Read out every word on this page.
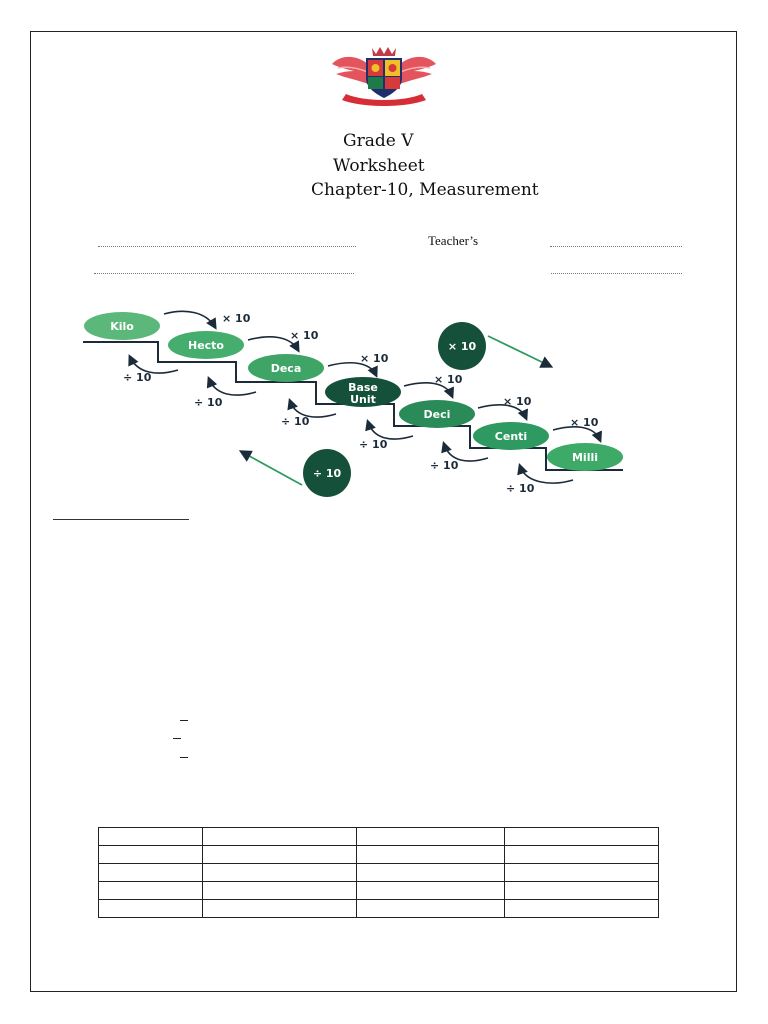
Grade V
Worksheet
Chapter-10, Measurement
Teacher’s
Kilo
Hecto
Deca
Base
Unit
Deci
Centi
Milli
× 10
× 10
× 10
× 10
× 10
× 10
÷ 10
÷ 10
÷ 10
÷ 10
÷ 10
÷ 10
× 10
÷ 10
